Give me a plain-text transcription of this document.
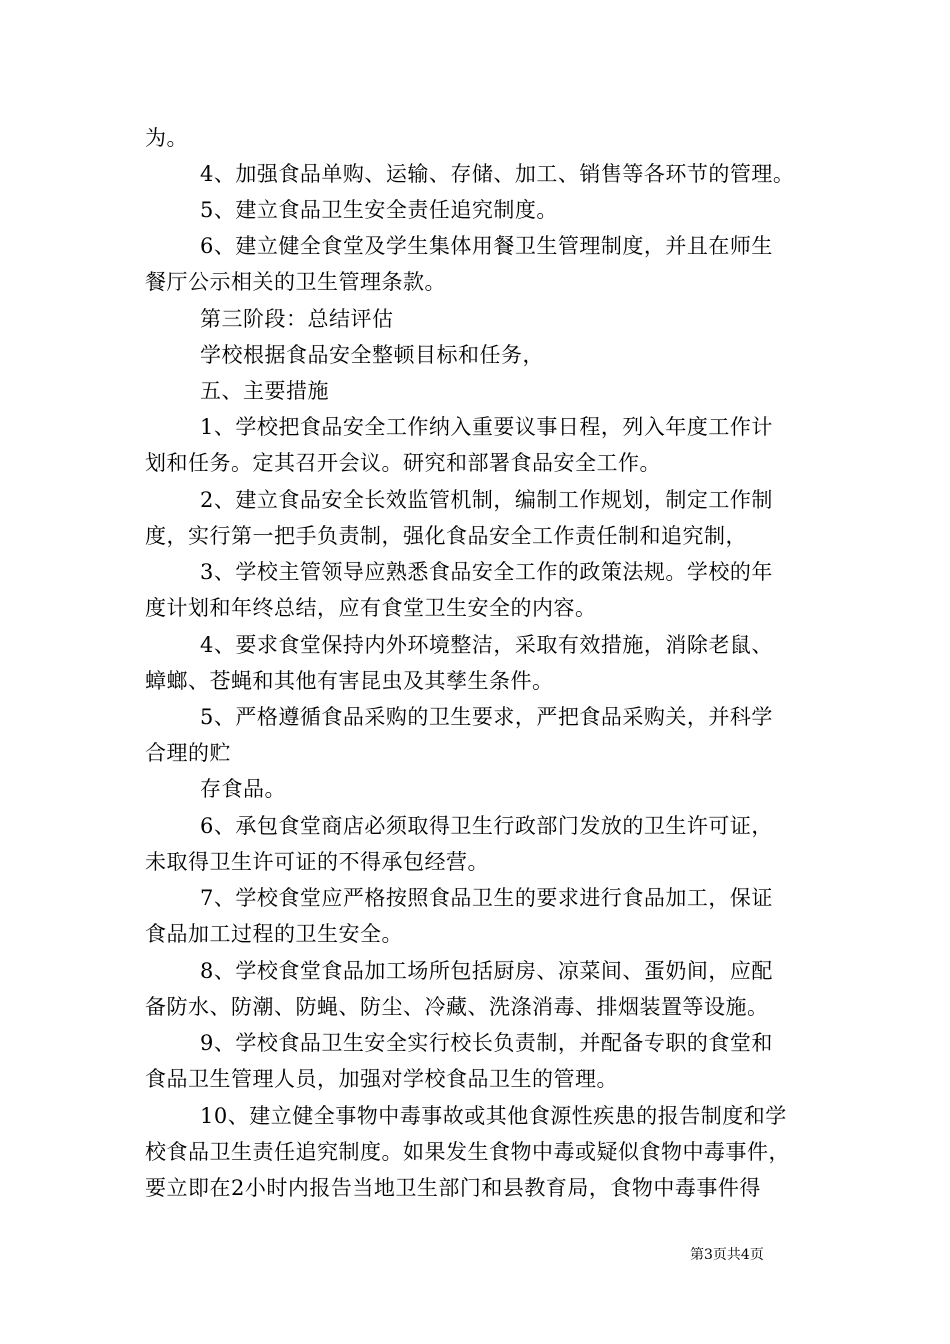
为。
4、加强食品单购、运输、存储、加工、销售等各环节的管理。
5、建立食品卫生安全责任追究制度。
6、建立健全食堂及学生集体用餐卫生管理制度，并且在师生
餐厅公示相关的卫生管理条款。
第三阶段：总结评估
学校根据食品安全整顿目标和任务，
五、主要措施
1、学校把食品安全工作纳入重要议事日程，列入年度工作计
划和任务。定其召开会议。研究和部署食品安全工作。
2、建立食品安全长效监管机制，编制工作规划，制定工作制
度，实行第一把手负责制，强化食品安全工作责任制和追究制，
3、学校主管领导应熟悉食品安全工作的政策法规。学校的年
度计划和年终总结，应有食堂卫生安全的内容。
4、要求食堂保持内外环境整洁，采取有效措施，消除老鼠、
蟑螂、苍蝇和其他有害昆虫及其孳生条件。
5、严格遵循食品采购的卫生要求，严把食品采购关，并科学
合理的贮
存食品。
6、承包食堂商店必须取得卫生行政部门发放的卫生许可证，
未取得卫生许可证的不得承包经营。
7、学校食堂应严格按照食品卫生的要求进行食品加工，保证
食品加工过程的卫生安全。
8、学校食堂食品加工场所包括厨房、凉菜间、蛋奶间，应配
备防水、防潮、防蝇、防尘、冷藏、洗涤消毒、排烟装置等设施。
9、学校食品卫生安全实行校长负责制，并配备专职的食堂和
食品卫生管理人员，加强对学校食品卫生的管理。
10、建立健全事物中毒事故或其他食源性疾患的报告制度和学
校食品卫生责任追究制度。如果发生食物中毒或疑似食物中毒事件，
要立即在2小时内报告当地卫生部门和县教育局，食物中毒事件得
第3页共4页
